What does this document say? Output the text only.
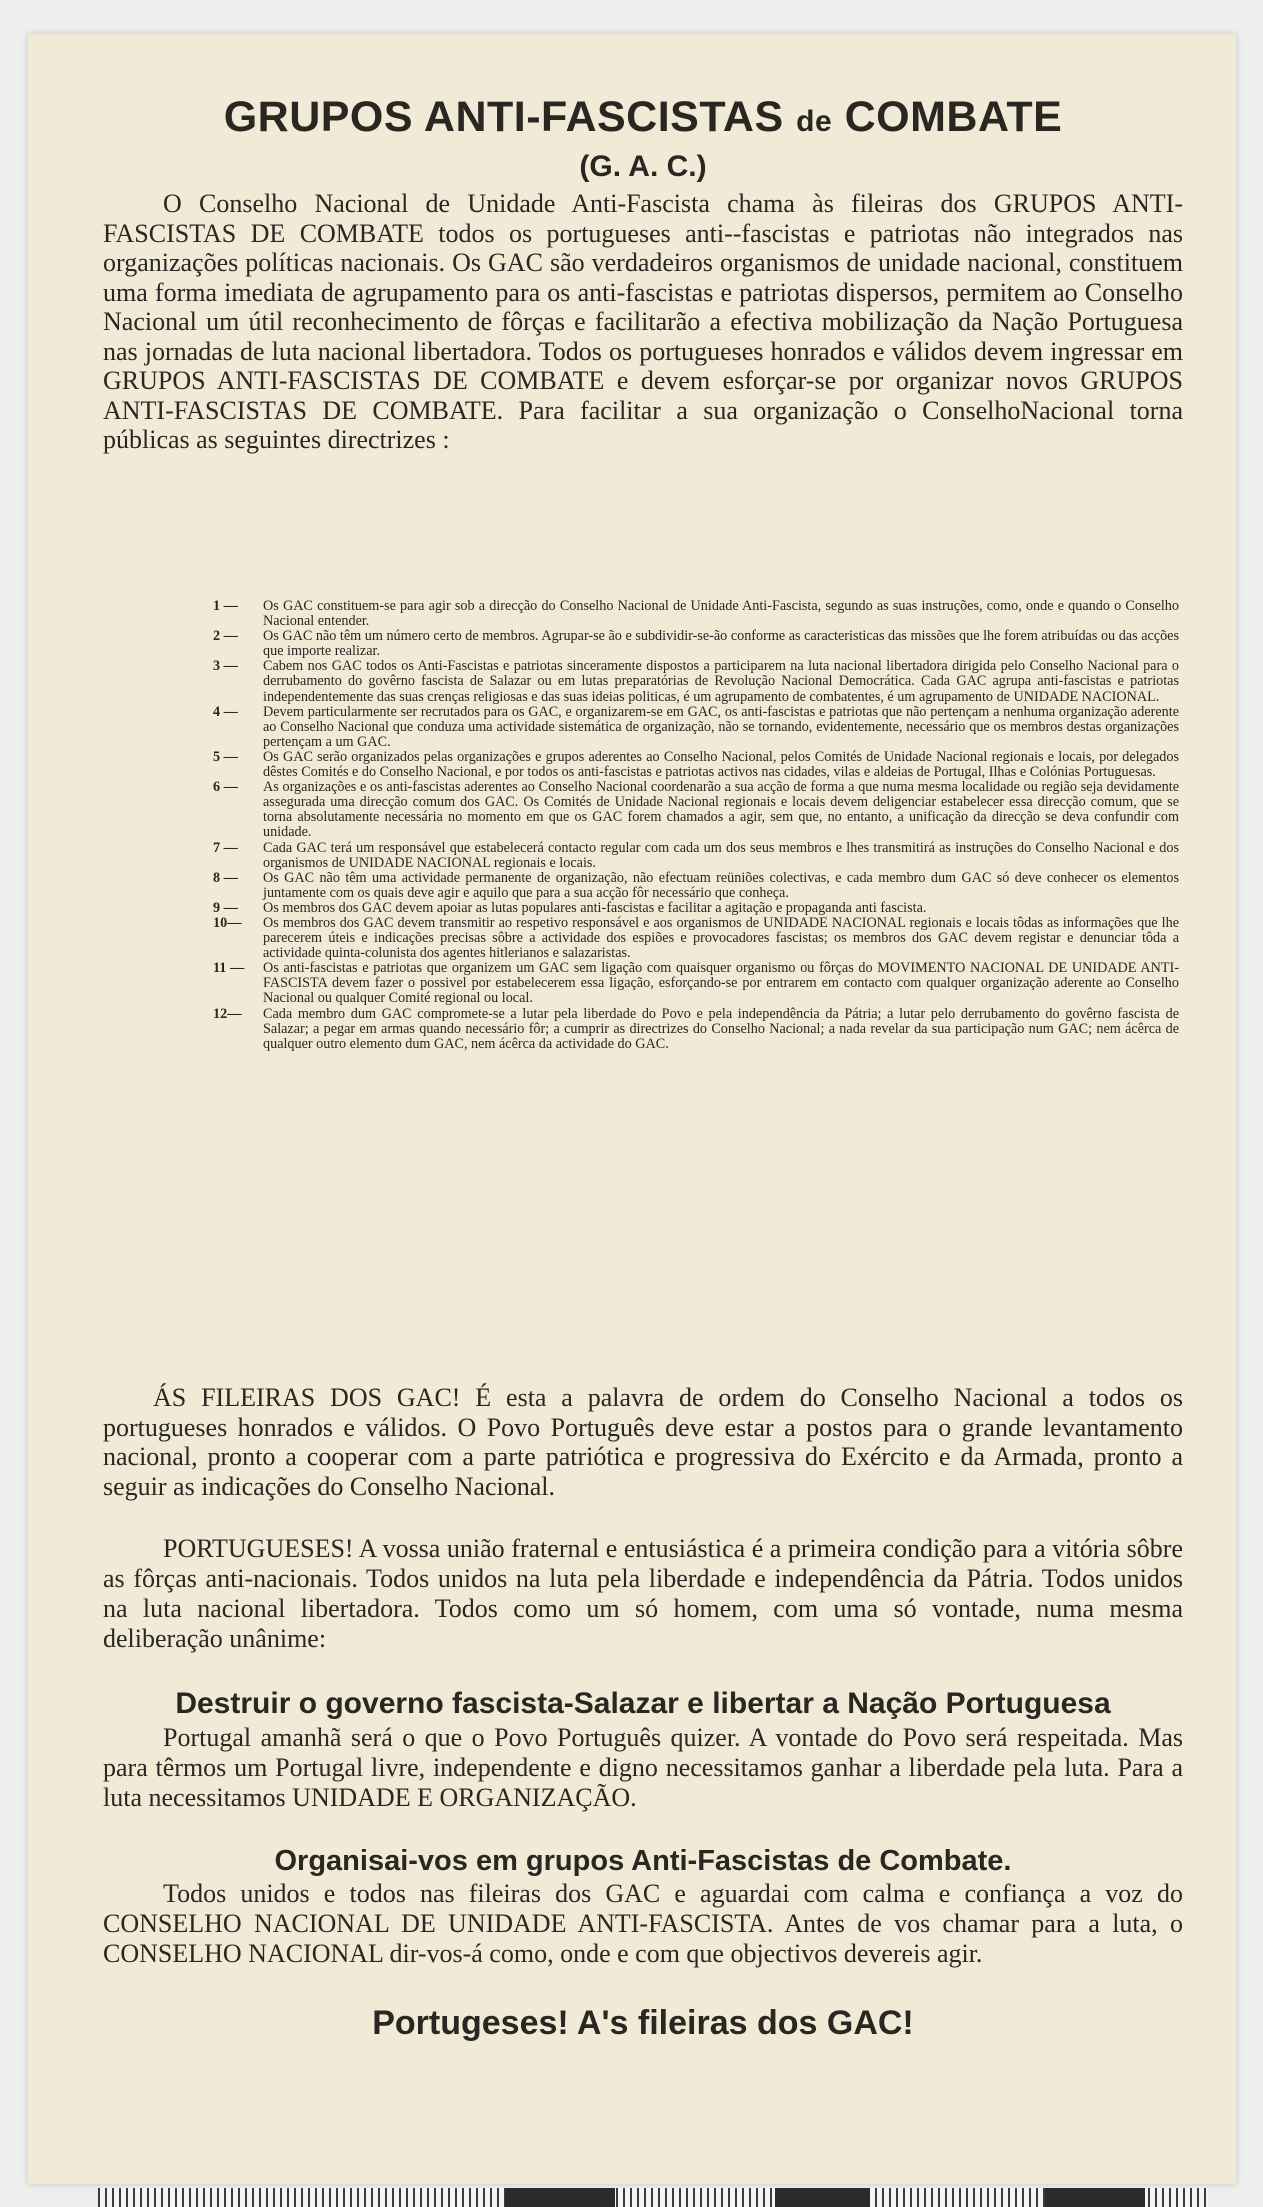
GRUPOS ANTI-FASCISTAS de COMBATE
(G. A. C.)
O Conselho Nacional de Unidade Anti-Fascista chama às fileiras dos GRUPOS ANTI-FASCISTAS DE COMBATE todos os portugueses anti--fascistas e patriotas não integrados nas organizações políticas nacionais. Os GAC são verdadeiros organismos de unidade nacional, constituem uma forma imediata de agrupamento para os anti-fascistas e patriotas dispersos, permitem ao Conselho Nacional um útil reconhecimento de fôrças e facilitarão a efectiva mobilização da Nação Portuguesa nas jornadas de luta nacional libertadora. Todos os portugueses honrados e válidos devem ingressar em GRUPOS ANTI-FASCISTAS DE COMBATE e devem esforçar-se por organizar novos GRUPOS ANTI-FASCISTAS DE COMBATE. Para facilitar a sua organização o ConselhoNacional torna públicas as seguintes directrizes :
1 —	Os GAC constituem-se para agir sob a direcção do Conselho Nacional de Unidade Anti-Fascista, segundo as suas instruções, como, onde e quando o Conselho Nacional entender.
2 —	Os GAC não têm um número certo de membros. Agrupar-se ão e subdividir-se-ão conforme as caracteristicas das missões que lhe forem atribuídas ou das acções que importe realizar.
3 —	Cabem nos GAC todos os Anti-Fascistas e patriotas sinceramente dispostos a participarem na luta nacional libertadora dirigida pelo Conselho Nacional para o derrubamento do govêrno fascista de Salazar ou em lutas preparatórias de Revolução Nacional Democrática. Cada GAC agrupa anti-fascistas e patriotas independentemente das suas crenças religiosas e das suas ideias politicas, é um agrupamento de combatentes, é um agrupamento de UNIDADE NACIONAL.
4 —	Devem particularmente ser recrutados para os GAC, e organizarem-se em GAC, os anti-fascistas e patriotas que não pertençam a nenhuma organização aderente ao Conselho Nacional que conduza uma actividade sistemática de organização, não se tornando, evidentemente, necessário que os membros destas organizações pertençam a um GAC.
5 —	Os GAC serão organizados pelas organizações e grupos aderentes ao Conselho Nacional, pelos Comités de Unidade Nacional regionais e locais, por delegados dêstes Comités e do Conselho Nacional, e por todos os anti-fascistas e patriotas activos nas cidades, vilas e aldeias de Portugal, Ilhas e Colónias Portuguesas.
6 —	As organizações e os anti-fascistas aderentes ao Conselho Nacional coordenarão a sua acção de forma a que numa mesma localidade ou região seja devidamente assegurada uma direcção comum dos GAC. Os Comités de Unidade Nacional regionais e locais devem deligenciar estabelecer essa direcção comum, que se torna absolutamente necessária no momento em que os GAC forem chamados a agir, sem que, no entanto, a unificação da direcção se deva confundir com unidade.
7 —	Cada GAC terá um responsável que estabelecerá contacto regular com cada um dos seus membros e lhes transmitirá as instruções do Conselho Nacional e dos organismos de UNIDADE NACIONAL regionais e locais.
8 —	Os GAC não têm uma actividade permanente de organização, não efectuam reüniões colectivas, e cada membro dum GAC só deve conhecer os elementos juntamente com os quais deve agir e aquilo que para a sua acção fôr necessário que conheça.
9 —	Os membros dos GAC devem apoiar as lutas populares anti-fascistas e facilitar a agitação e propaganda anti fascista.
10—	Os membros dos GAC devem transmitir ao respetivo responsável e aos organismos de UNIDADE NACIONAL regionais e locais tôdas as informações que lhe parecerem úteis e indicações precisas sôbre a actividade dos espiões e provocadores fascistas; os membros dos GAC devem registar e denunciar tôda a actividade quinta-colunista dos agentes hitlerianos e salazaristas.
11 —	Os anti-fascistas e patriotas que organizem um GAC sem ligação com quaisquer organismo ou fôrças do MOVIMENTO NACIONAL DE UNIDADE ANTI-FASCISTA devem fazer o possivel por estabelecerem essa ligação, esforçando-se por entrarem em contacto com qualquer organização aderente ao Conselho Nacional ou qualquer Comité regional ou local.
12—	Cada membro dum GAC compromete-se a lutar pela liberdade do Povo e pela independência da Pátria; a lutar pelo derrubamento do govêrno fascista de Salazar; a pegar em armas quando necessário fôr; a cumprir as directrizes do Conselho Nacional; a nada revelar da sua participação num GAC; nem ácêrca de qualquer outro elemento dum GAC, nem ácêrca da actividade do GAC.
ÁS FILEIRAS DOS GAC! É esta a palavra de ordem do Conselho Nacional a todos os portugueses honrados e válidos. O Povo Português deve estar a postos para o grande levantamento nacional, pronto a cooperar com a parte patriótica e progressiva do Exército e da Armada, pronto a seguir as indicações do Conselho Nacional.
PORTUGUESES! A vossa união fraternal e entusiástica é a primeira condição para a vitória sôbre as fôrças anti-nacionais. Todos unidos na luta pela liberdade e independência da Pátria. Todos unidos na luta nacional libertadora. Todos como um só homem, com uma só vontade, numa mesma deliberação unânime:
Destruir o governo fascista-Salazar e libertar a Nação Portuguesa
Portugal amanhã será o que o Povo Português quizer. A vontade do Povo será respeitada. Mas para têrmos um Portugal livre, independente e digno necessitamos ganhar a liberdade pela luta. Para a luta necessitamos UNIDADE E ORGANIZAÇÃO.
Organisai-vos em grupos Anti-Fascistas de Combate.
Todos unidos e todos nas fileiras dos GAC e aguardai com calma e confiança a voz do CONSELHO NACIONAL DE UNIDADE ANTI-FASCISTA. Antes de vos chamar para a luta, o CONSELHO NACIONAL dir-vos-á como, onde e com que objectivos devereis agir.
Portugeses! A's fileiras dos GAC!
